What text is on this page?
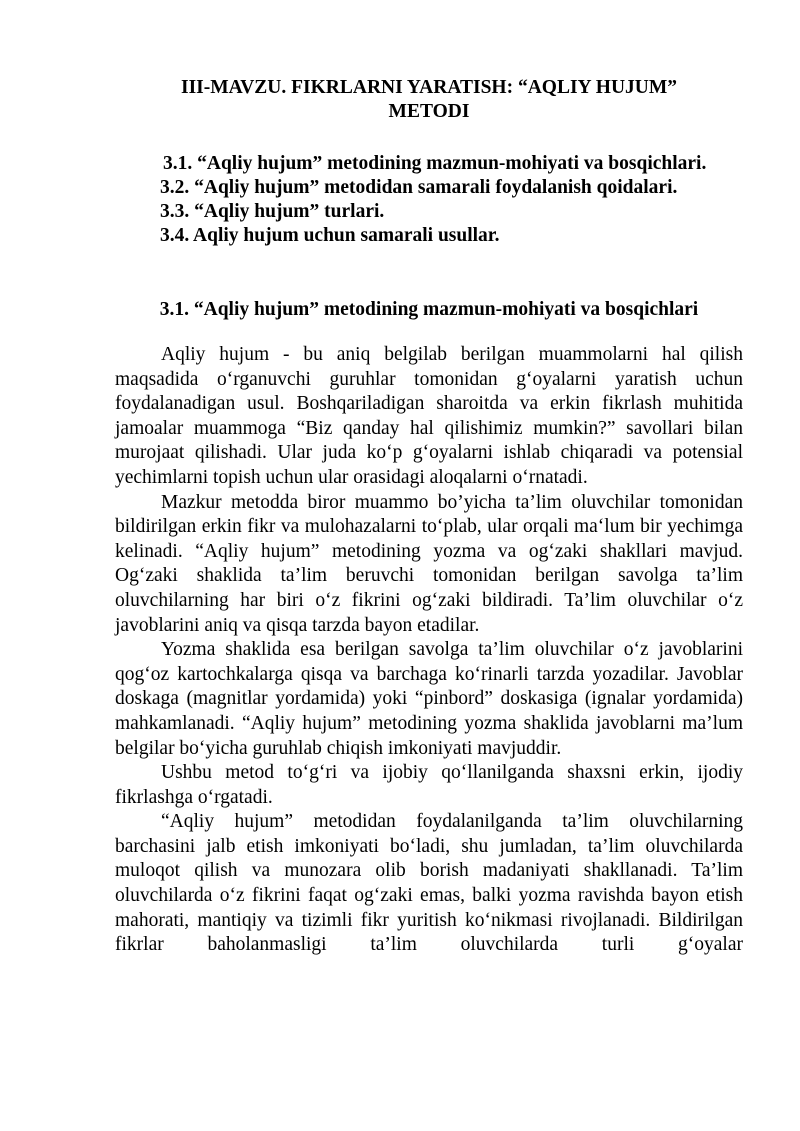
III-MAVZU. FIKRLARNI YARATISH: “AQLIY HUJUM”
METODI

3.1. “Aqliy hujum” metodining mazmun-mohiyati va bosqichlari.

3.2. “Aqliy hujum” metodidan samarali foydalanish qoidalari.

3.3. “Aqliy hujum” turlari.

3.4. Aqliy hujum uchun samarali usullar.

3.1. “Aqliy hujum” metodining mazmun-mohiyati va bosqichlari

Aqliy hujum - bu aniq belgilab berilgan muammolarni hal qilish maqsadida oʻrganuvchi guruhlar tomonidan gʻoyalarni yaratish uchun foydalanadigan usul. Boshqariladigan sharoitda va erkin fikrlash muhitida jamoalar muammoga “Biz qanday hal qilishimiz mumkin?” savollari bilan murojaat qilishadi. Ular juda koʻp gʻoyalarni ishlab chiqaradi va potensial yechimlarni topish uchun ular orasidagi aloqalarni oʻrnatadi.

Mazkur metodda biror muammo bo’yicha ta’lim oluvchilar tomonidan bildirilgan erkin fikr va mulohazalarni toʻplab, ular orqali maʻlum bir yechimga kelinadi. “Aqliy hujum” metodining yozma va ogʻzaki shakllari mavjud. Ogʻzaki shaklida ta’lim beruvchi tomonidan berilgan savolga ta’lim oluvchilarning har biri oʻz fikrini ogʻzaki bildiradi. Ta’lim oluvchilar oʻz javoblarini aniq va qisqa tarzda bayon etadilar.

Yozma shaklida esa berilgan savolga ta’lim oluvchilar oʻz javoblarini qogʻoz kartochkalarga qisqa va barchaga koʻrinarli tarzda yozadilar. Javoblar doskaga (magnitlar yordamida) yoki “pinbord” doskasiga (ignalar yordamida) mahkamlanadi. “Aqliy hujum” metodining yozma shaklida javoblarni ma’lum belgilar boʻyicha guruhlab chiqish imkoniyati mavjuddir.

Ushbu metod toʻgʻri va ijobiy qoʻllanilganda shaxsni erkin, ijodiy fikrlashga oʻrgatadi.

“Aqliy hujum” metodidan foydalanilganda ta’lim oluvchilarning barchasini jalb etish imkoniyati boʻladi, shu jumladan, ta’lim oluvchilarda muloqot qilish va munozara olib borish madaniyati shakllanadi. Ta’lim oluvchilarda oʻz fikrini faqat ogʻzaki emas, balki yozma ravishda bayon etish mahorati, mantiqiy va tizimli fikr yuritish koʻnikmasi rivojlanadi. Bildirilgan fikrlar baholanmasligi ta’lim oluvchilarda turli gʻoyalar
